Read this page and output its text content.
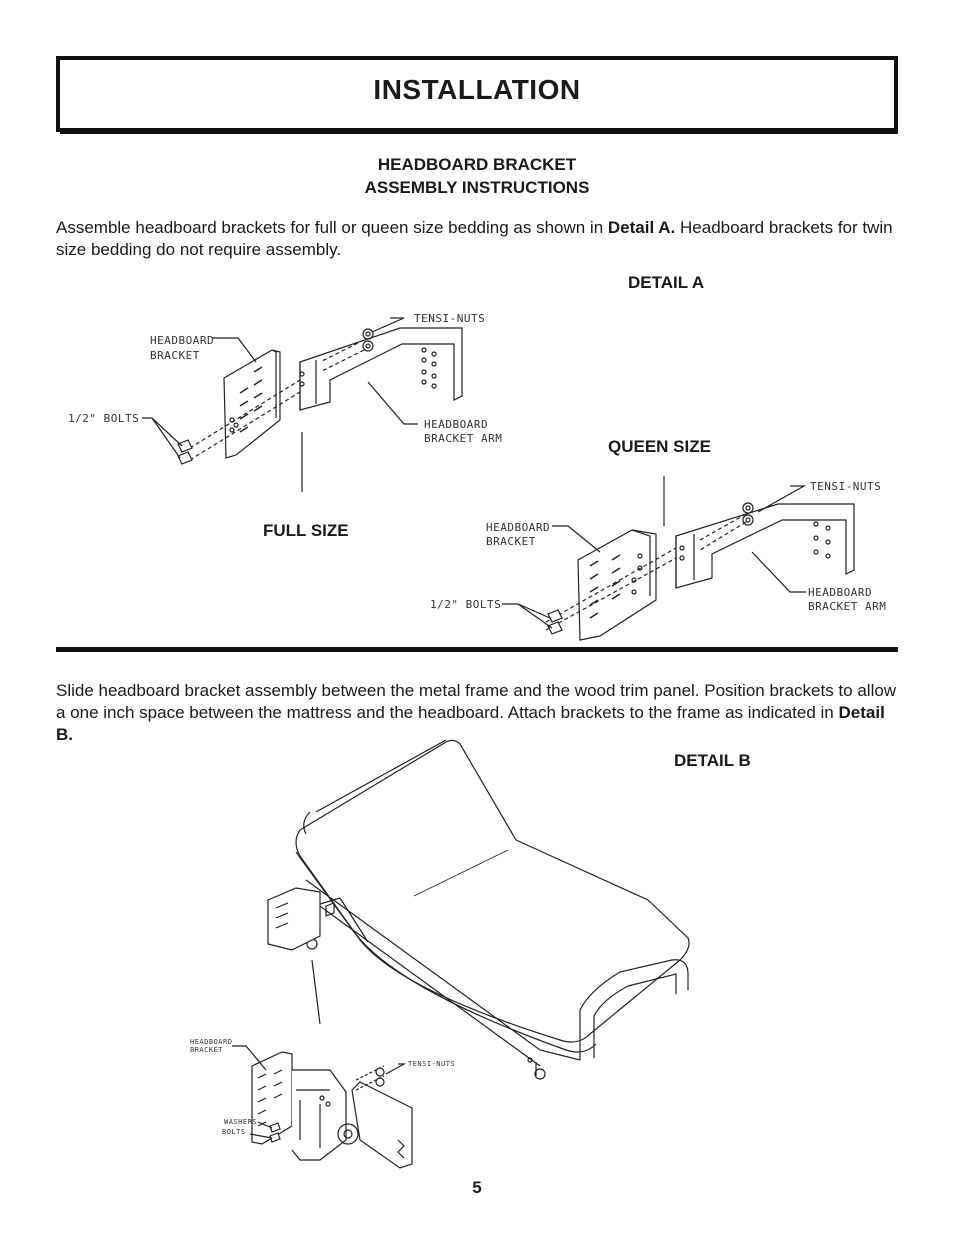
INSTALLATION
HEADBOARD BRACKET
ASSEMBLY INSTRUCTIONS
Assemble headboard brackets for full or queen size bedding as shown in Detail A. Headboard brackets for twin size bedding do not require assembly.
DETAIL A
QUEEN SIZE
FULL SIZE
HEADBOARD
BRACKET
TENSI-NUTS
1/2" BOLTS	HEADBOARD
BRACKET ARM
HEADBOARD
BRACKET
TENSI-NUTS
1/2" BOLTS
HEADBOARD
BRACKET ARM
Slide headboard bracket assembly between the metal frame and the wood trim panel. Position brackets to allow a one inch space between the mattress and the headboard. Attach brackets to the frame as indicated in Detail B.
DETAIL B
HEADBOARD
BRACKET
TENSI-NUTS
WASHERS
BOLTS
5
